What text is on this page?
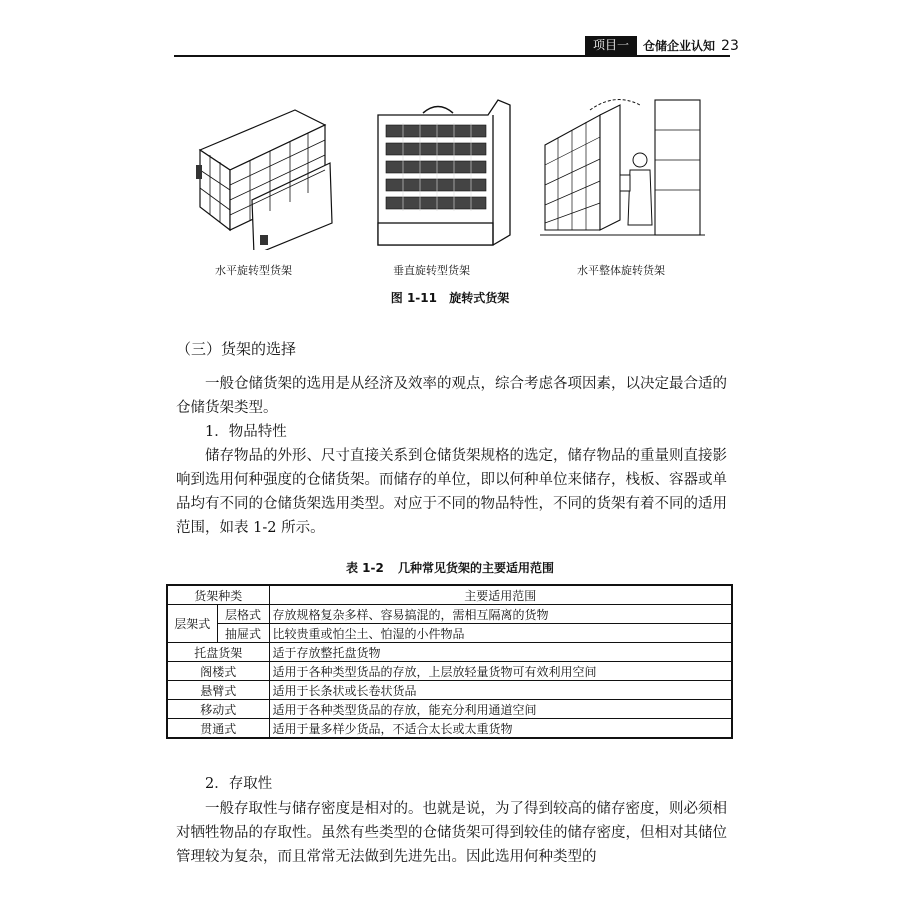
项目一	仓储企业认知 23
水平旋转型货架	垂直旋转型货架	水平整体旋转货架
图 1-11 旋转式货架
（三）货架的选择
一般仓储货架的选用是从经济及效率的观点，综合考虑各项因素，以决定最合适的仓储货架类型。
1．物品特性
储存物品的外形、尺寸直接关系到仓储货架规格的选定，储存物品的重量则直接影响到选用何种强度的仓储货架。而储存的单位，即以何种单位来储存，栈板、容器或单品均有不同的仓储货架选用类型。对应于不同的物品特性，不同的货架有着不同的适用范围，如表 1-2 所示。
表 1-2 几种常见货架的主要适用范围
货架种类		主要适用范围
层架式	层格式	存放规格复杂多样、容易搞混的，需相互隔离的货物
	抽屉式	比较贵重或怕尘土、怕湿的小件物品
托盘货架		适于存放整托盘货物
阁楼式		适用于各种类型货品的存放，上层放轻量货物可有效利用空间
悬臂式		适用于长条状或长卷状货品
移动式		适用于各种类型货品的存放，能充分利用通道空间
贯通式		适用于量多样少货品，不适合太长或太重货物
2．存取性
一般存取性与储存密度是相对的。也就是说，为了得到较高的储存密度，则必须相对牺牲物品的存取性。虽然有些类型的仓储货架可得到较佳的储存密度，但相对其储位管理较为复杂，而且常常无法做到先进先出。因此选用何种类型的
